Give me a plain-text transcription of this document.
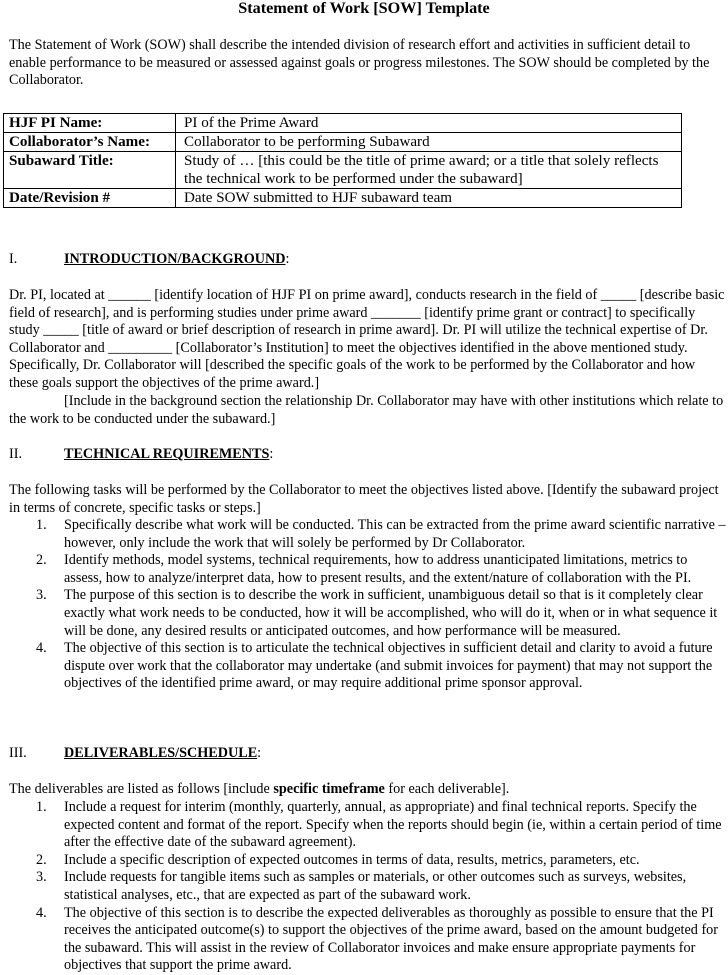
Statement of Work [SOW] Template

The Statement of Work (SOW) shall describe the intended division of research effort and activities in sufficient detail to enable performance to be measured or assessed against goals or progress milestones. The SOW should be completed by the Collaborator.

HJF PI Name:	PI of the Prime Award
Collaborator’s Name:	Collaborator to be performing Subaward
Subaward Title:	Study of … [this could be the title of prime award; or a title that solely reflects the technical work to be performed under the subaward]
Date/Revision #	Date SOW submitted to HJF subaward team

I.	INTRODUCTION/BACKGROUND:

Dr. PI, located at ______ [identify location of HJF PI on prime award], conducts research in the field of _____ [describe basic field of research], and is performing studies under prime award _______ [identify prime grant or contract] to specifically study _____ [title of award or brief description of research in prime award]. Dr. PI will utilize the technical expertise of Dr. Collaborator and _________ [Collaborator’s Institution] to meet the objectives identified in the above mentioned study. Specifically, Dr. Collaborator will [described the specific goals of the work to be performed by the Collaborator and how these goals support the objectives of the prime award.]

[Include in the background section the relationship Dr. Collaborator may have with other institutions which relate to the work to be conducted under the subaward.]

II.	TECHNICAL REQUIREMENTS:

The following tasks will be performed by the Collaborator to meet the objectives listed above. [Identify the subaward project in terms of concrete, specific tasks or steps.]

1. Specifically describe what work will be conducted. This can be extracted from the prime award scientific narrative – however, only include the work that will solely be performed by Dr Collaborator.
2. Identify methods, model systems, technical requirements, how to address unanticipated limitations, metrics to assess, how to analyze/interpret data, how to present results, and the extent/nature of collaboration with the PI.
3. The purpose of this section is to describe the work in sufficient, unambiguous detail so that is it completely clear exactly what work needs to be conducted, how it will be accomplished, who will do it, when or in what sequence it will be done, any desired results or anticipated outcomes, and how performance will be measured.
4. The objective of this section is to articulate the technical objectives in sufficient detail and clarity to avoid a future dispute over work that the collaborator may undertake (and submit invoices for payment) that may not support the objectives of the identified prime award, or may require additional prime sponsor approval.

III.	DELIVERABLES/SCHEDULE:

The deliverables are listed as follows [include specific timeframe for each deliverable].

1. Include a request for interim (monthly, quarterly, annual, as appropriate) and final technical reports. Specify the expected content and format of the report. Specify when the reports should begin (ie, within a certain period of time after the effective date of the subaward agreement).
2. Include a specific description of expected outcomes in terms of data, results, metrics, parameters, etc.
3. Include requests for tangible items such as samples or materials, or other outcomes such as surveys, websites, statistical analyses, etc., that are expected as part of the subaward work.
4. The objective of this section is to describe the expected deliverables as thoroughly as possible to ensure that the PI receives the anticipated outcome(s) to support the objectives of the prime award, based on the amount budgeted for the subaward. This will assist in the review of Collaborator invoices and make ensure appropriate payments for objectives that support the prime award.
